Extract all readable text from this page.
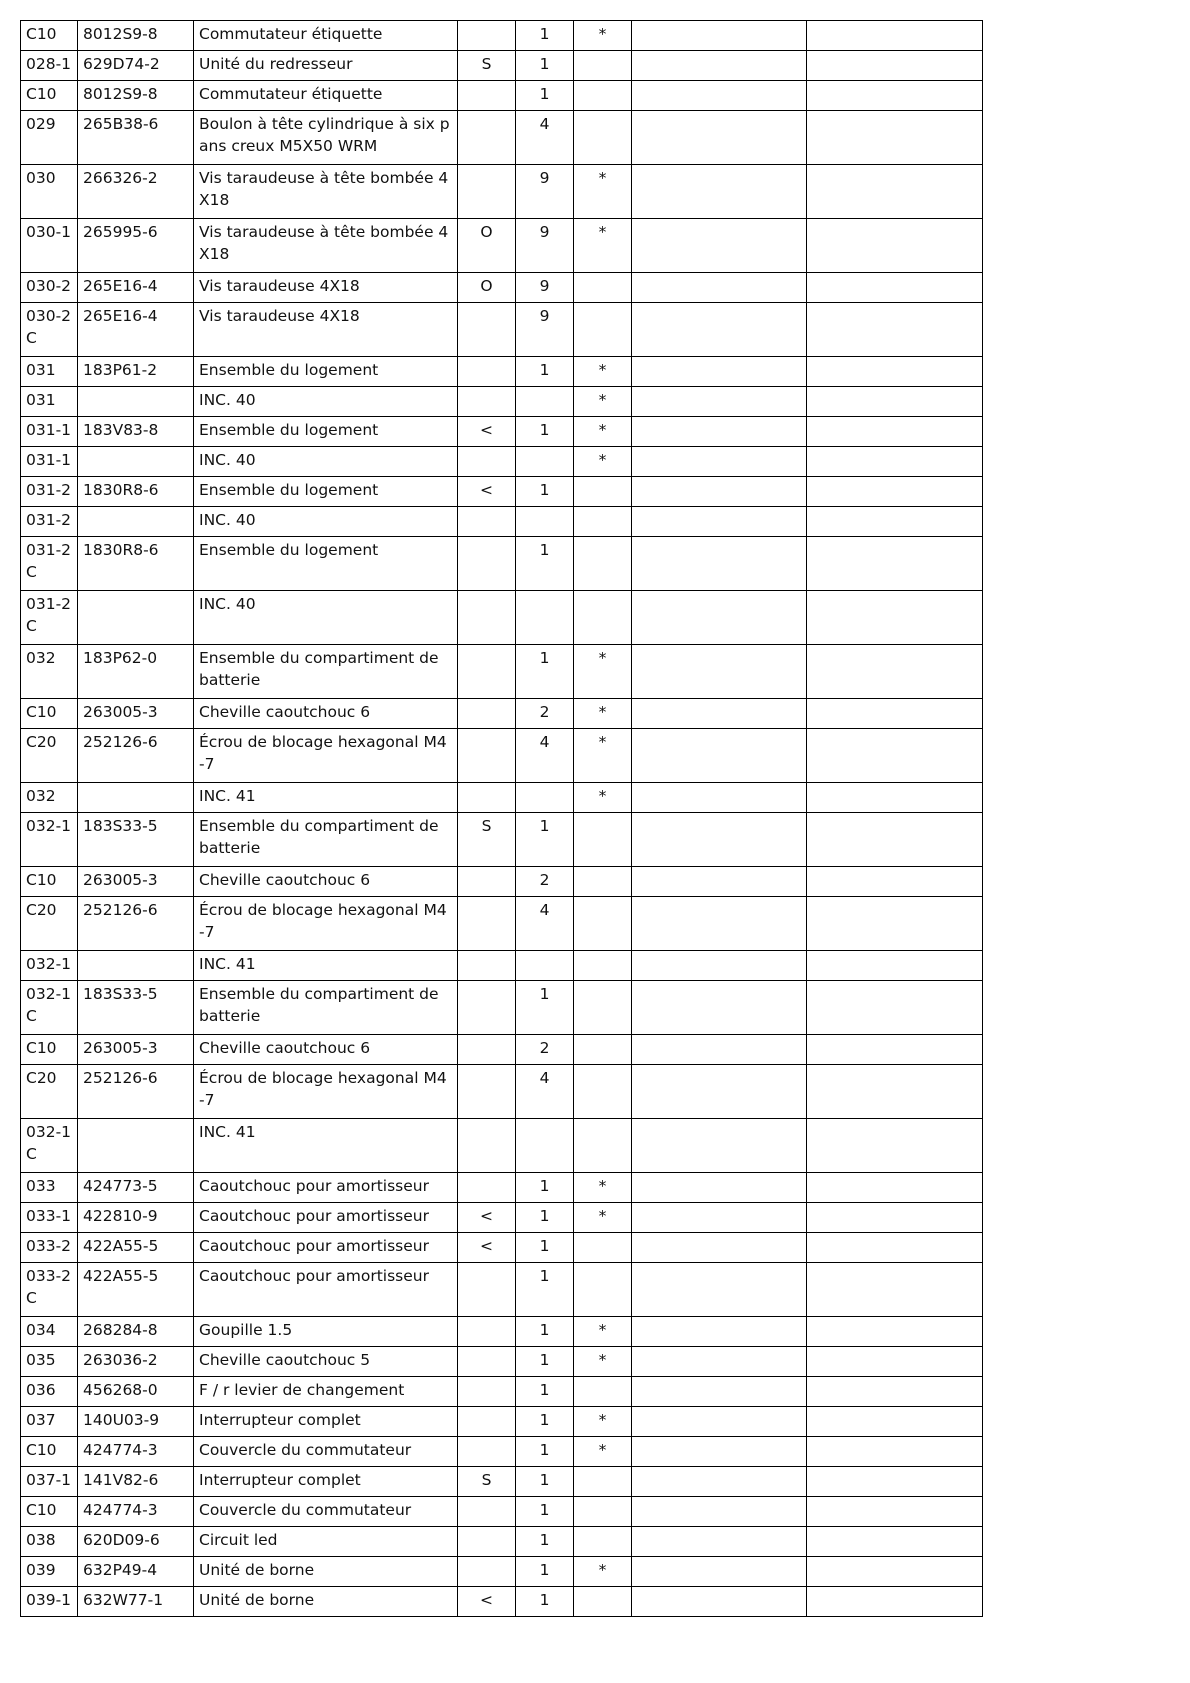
C10	8012S9-8	Commutateur étiquette		1	*		
028-1	629D74-2	Unité du redresseur	S	1			
C10	8012S9-8	Commutateur étiquette		1			
029	265B38-6	Boulon à tête cylindrique à six pans creux M5X50 WRM		4			
030	266326-2	Vis taraudeuse à tête bombée 4X18		9	*		
030-1	265995-6	Vis taraudeuse à tête bombée 4X18	O	9	*		
030-2	265E16-4	Vis taraudeuse 4X18	O	9			
030-2C	265E16-4	Vis taraudeuse 4X18		9			
031	183P61-2	Ensemble du logement		1	*		
031		INC. 40			*		
031-1	183V83-8	Ensemble du logement	<	1	*		
031-1		INC. 40			*		
031-2	1830R8-6	Ensemble du logement	<	1			
031-2		INC. 40					
031-2C	1830R8-6	Ensemble du logement		1			
031-2C		INC. 40					
032	183P62-0	Ensemble du compartiment de batterie		1	*		
C10	263005-3	Cheville caoutchouc 6		2	*		
C20	252126-6	Écrou de blocage hexagonal M4-7		4	*		
032		INC. 41			*		
032-1	183S33-5	Ensemble du compartiment de batterie	S	1			
C10	263005-3	Cheville caoutchouc 6		2			
C20	252126-6	Écrou de blocage hexagonal M4-7		4			
032-1		INC. 41					
032-1C	183S33-5	Ensemble du compartiment de batterie		1			
C10	263005-3	Cheville caoutchouc 6		2			
C20	252126-6	Écrou de blocage hexagonal M4-7		4			
032-1C		INC. 41					
033	424773-5	Caoutchouc pour amortisseur		1	*		
033-1	422810-9	Caoutchouc pour amortisseur	<	1	*		
033-2	422A55-5	Caoutchouc pour amortisseur	<	1			
033-2C	422A55-5	Caoutchouc pour amortisseur		1			
034	268284-8	Goupille 1.5		1	*		
035	263036-2	Cheville caoutchouc 5		1	*		
036	456268-0	F / r levier de changement		1			
037	140U03-9	Interrupteur complet		1	*		
C10	424774-3	Couvercle du commutateur		1	*		
037-1	141V82-6	Interrupteur complet	S	1			
C10	424774-3	Couvercle du commutateur		1			
038	620D09-6	Circuit led		1			
039	632P49-4	Unité de borne		1	*		
039-1	632W77-1	Unité de borne	<	1			
